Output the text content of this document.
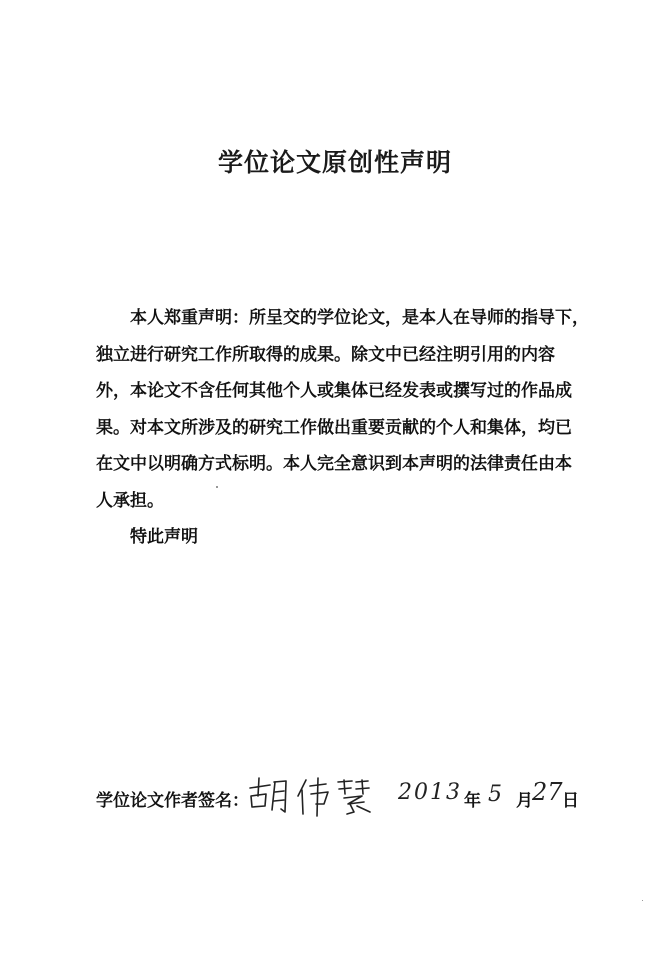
学位论文原创性声明
本人郑重声明：所呈交的学位论文，是本人在导师的指导下，
独立进行研究工作所取得的成果。除文中已经注明引用的内容
外，本论文不含任何其他个人或集体已经发表或撰写过的作品成
果。对本文所涉及的研究工作做出重要贡献的个人和集体，均已
在文中以明确方式标明。本人完全意识到本声明的法律责任由本
人承担。
特此声明
学位论文作者签名：	2013 年 5 月 27 日
